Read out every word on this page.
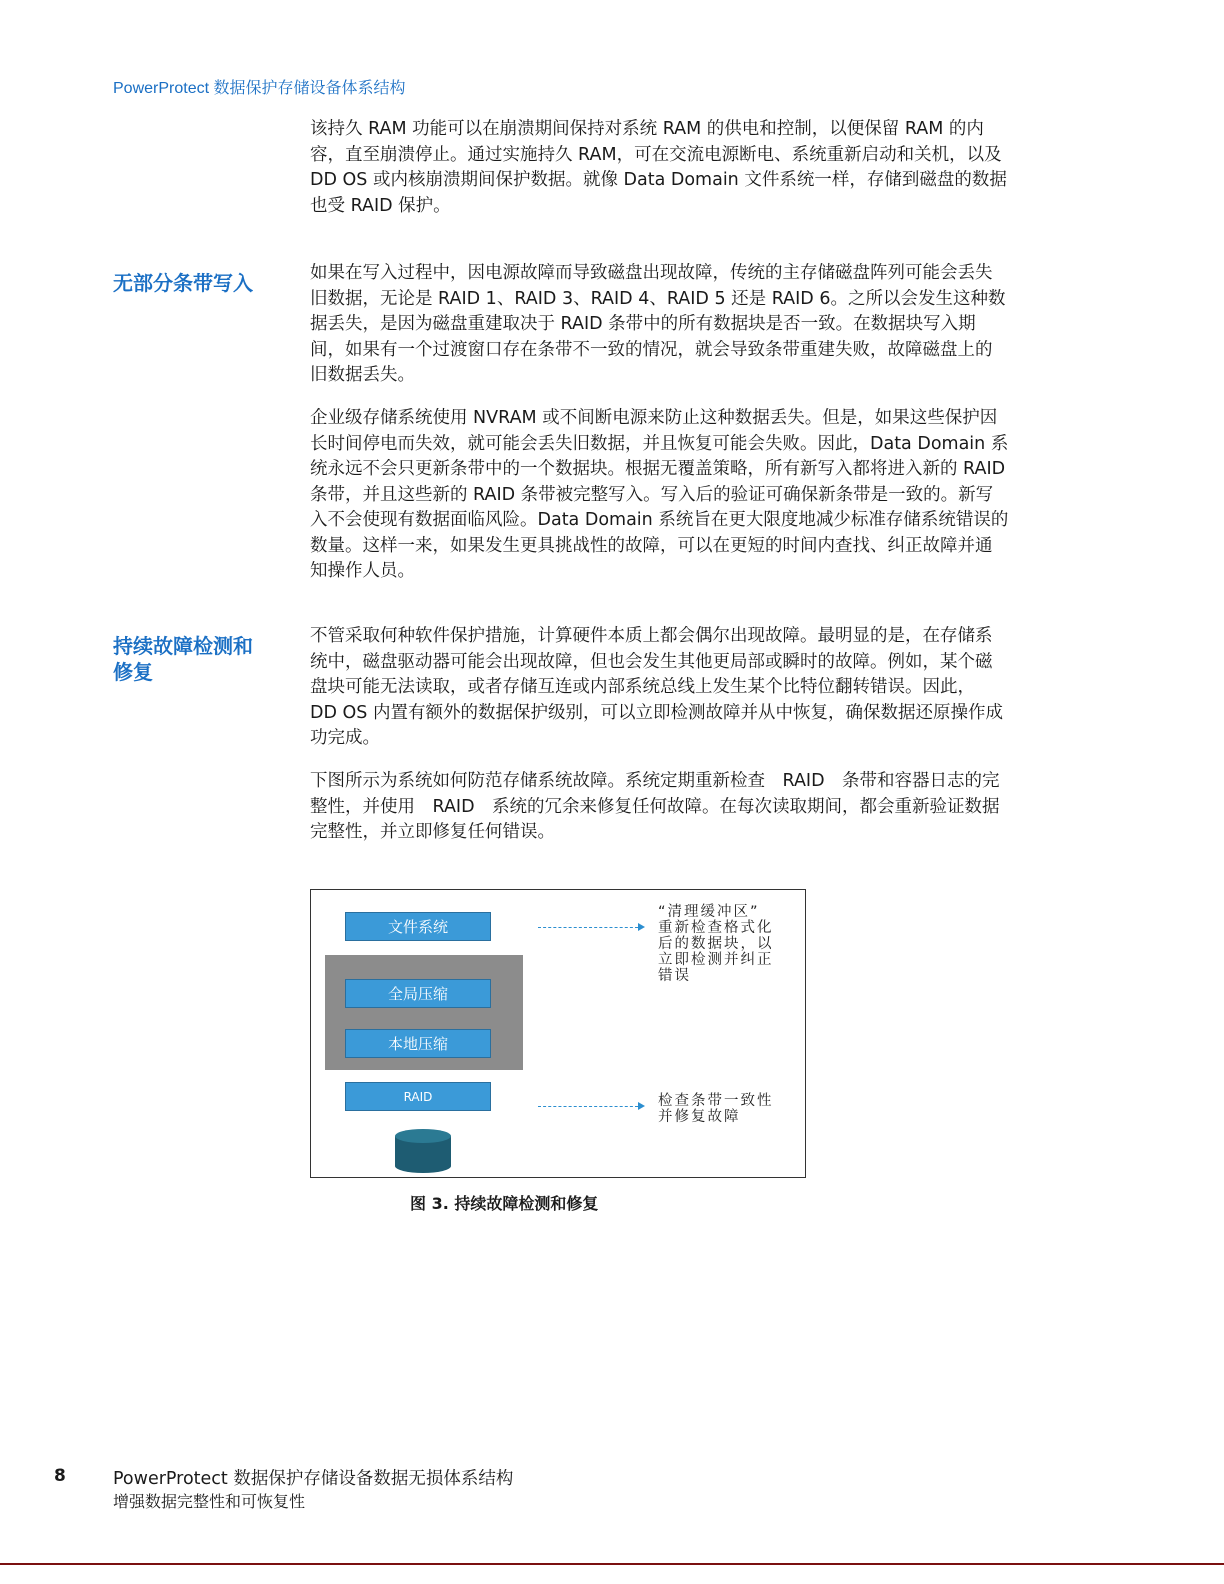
PowerProtect 数据保护存储设备体系结构

该持久 RAM 功能可以在崩溃期间保持对系统 RAM 的供电和控制，以便保留 RAM 的内
容，直至崩溃停止。通过实施持久 RAM，可在交流电源断电、系统重新启动和关机，以及
DD OS 或内核崩溃期间保护数据。就像 Data Domain 文件系统一样，存储到磁盘的数据
也受 RAID 保护。

无部分条带写入	如果在写入过程中，因电源故障而导致磁盘出现故障，传统的主存储磁盘阵列可能会丢失
旧数据，无论是 RAID 1、RAID 3、RAID 4、RAID 5 还是 RAID 6。之所以会发生这种数
据丢失，是因为磁盘重建取决于 RAID 条带中的所有数据块是否一致。在数据块写入期
间，如果有一个过渡窗口存在条带不一致的情况，就会导致条带重建失败，故障磁盘上的
旧数据丢失。

企业级存储系统使用 NVRAM 或不间断电源来防止这种数据丢失。但是，如果这些保护因
长时间停电而失效，就可能会丢失旧数据，并且恢复可能会失败。因此，Data Domain 系
统永远不会只更新条带中的一个数据块。根据无覆盖策略，所有新写入都将进入新的 RAID
条带，并且这些新的 RAID 条带被完整写入。写入后的验证可确保新条带是一致的。新写
入不会使现有数据面临风险。Data Domain 系统旨在更大限度地减少标准存储系统错误的
数量。这样一来，如果发生更具挑战性的故障，可以在更短的时间内查找、纠正故障并通
知操作人员。

持续故障检测和
修复

不管采取何种软件保护措施，计算硬件本质上都会偶尔出现故障。最明显的是，在存储系
统中，磁盘驱动器可能会出现故障，但也会发生其他更局部或瞬时的故障。例如，某个磁
盘块可能无法读取，或者存储互连或内部系统总线上发生某个比特位翻转错误。因此，
DD OS 内置有额外的数据保护级别，可以立即检测故障并从中恢复，确保数据还原操作成
功完成。

下图所示为系统如何防范存储系统故障。系统定期重新检查　RAID　条带和容器日志的完
整性，并使用　RAID　系统的冗余来修复任何故障。在每次读取期间，都会重新验证数据
完整性，并立即修复任何错误。

文件系统
全局压缩
本地压缩
RAID
“清理缓冲区”
重新检查格式化
后的数据块，以
立即检测并纠正
错误
检查条带一致性
并修复故障
图 3. 持续故障检测和修复
8	PowerProtect 数据保护存储设备数据无损体系结构
增强数据完整性和可恢复性
